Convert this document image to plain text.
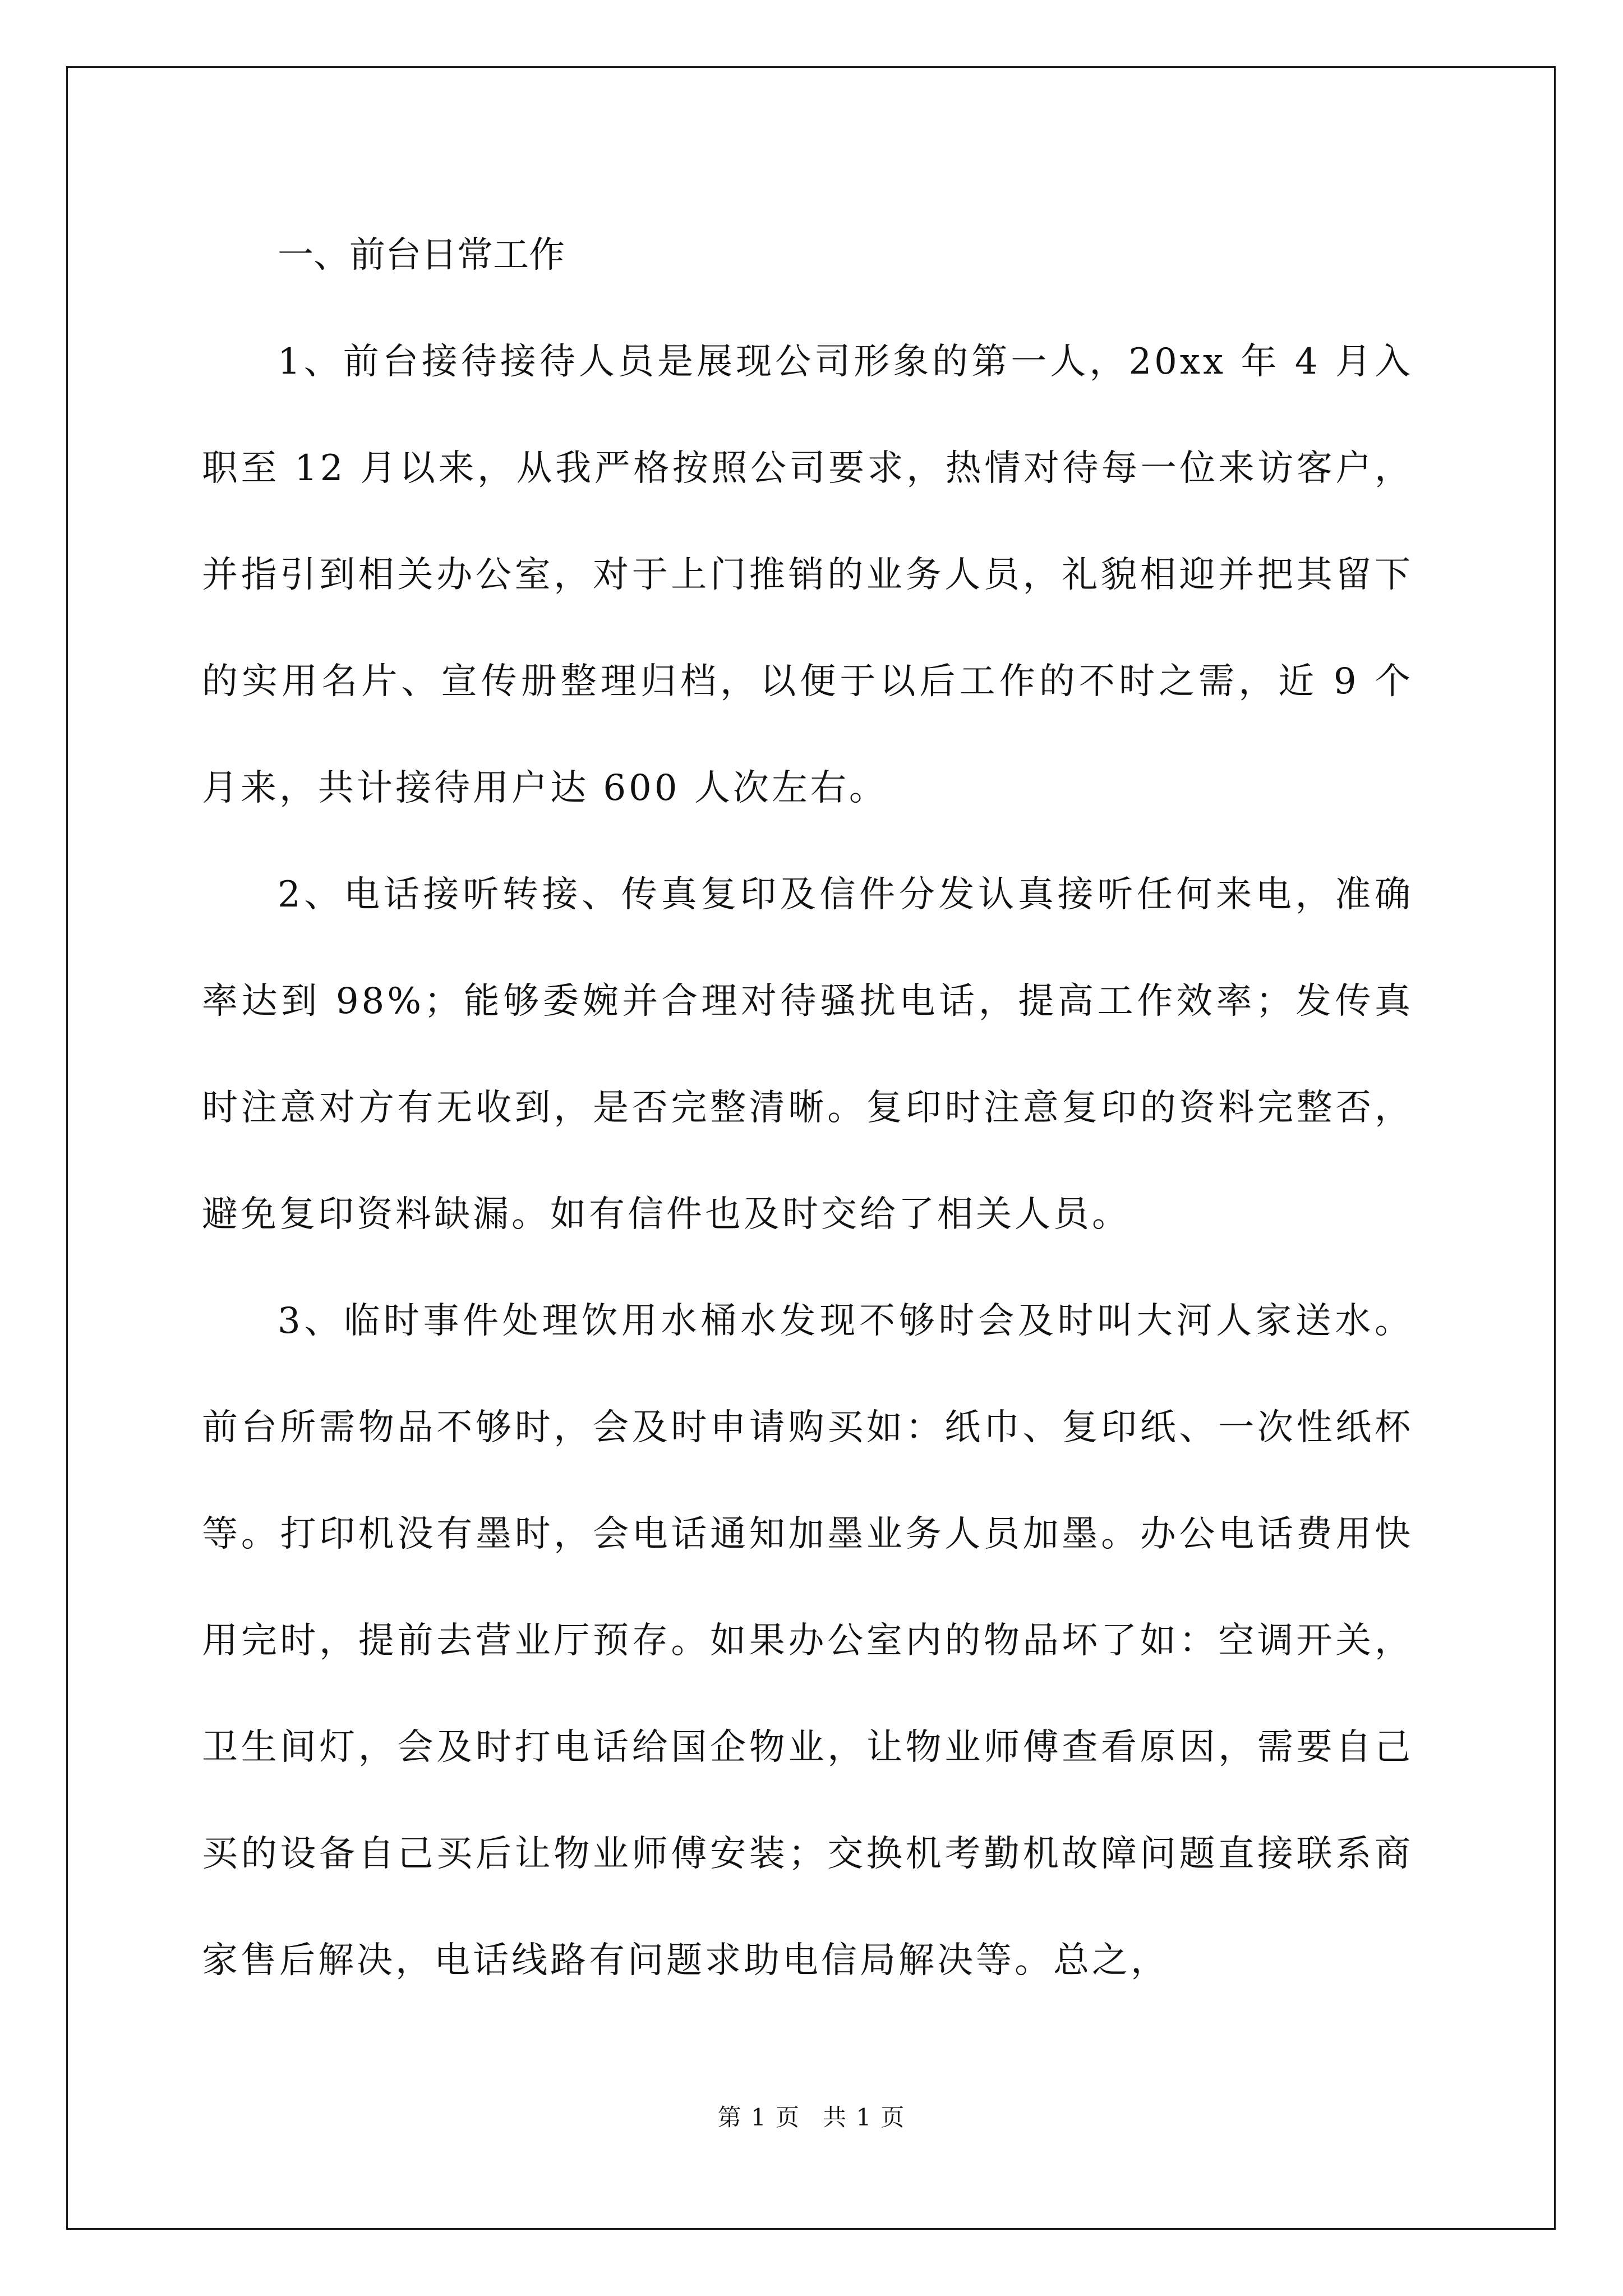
一、前台日常工作

1、前台接待接待人员是展现公司形象的第一人，20xx 年 4 月入职至 12 月以来，从我严格按照公司要求，热情对待每一位来访客户，并指引到相关办公室，对于上门推销的业务人员，礼貌相迎并把其留下的实用名片、宣传册整理归档，以便于以后工作的不时之需，近 9 个月来，共计接待用户达 600 人次左右。

2、电话接听转接、传真复印及信件分发认真接听任何来电，准确率达到 98%；能够委婉并合理对待骚扰电话，提高工作效率；发传真时注意对方有无收到，是否完整清晰。复印时注意复印的资料完整否，避免复印资料缺漏。如有信件也及时交给了相关人员。

3、临时事件处理饮用水桶水发现不够时会及时叫大河人家送水。前台所需物品不够时，会及时申请购买如：纸巾、复印纸、一次性纸杯等。打印机没有墨时，会电话通知加墨业务人员加墨。办公电话费用快用完时，提前去营业厅预存。如果办公室内的物品坏了如：空调开关，卫生间灯，会及时打电话给国企物业，让物业师傅查看原因，需要自己买的设备自己买后让物业师傅安装；交换机考勤机故障问题直接联系商家售后解决，电话线路有问题求助电信局解决等。总之，

第 1 页 共 1 页
